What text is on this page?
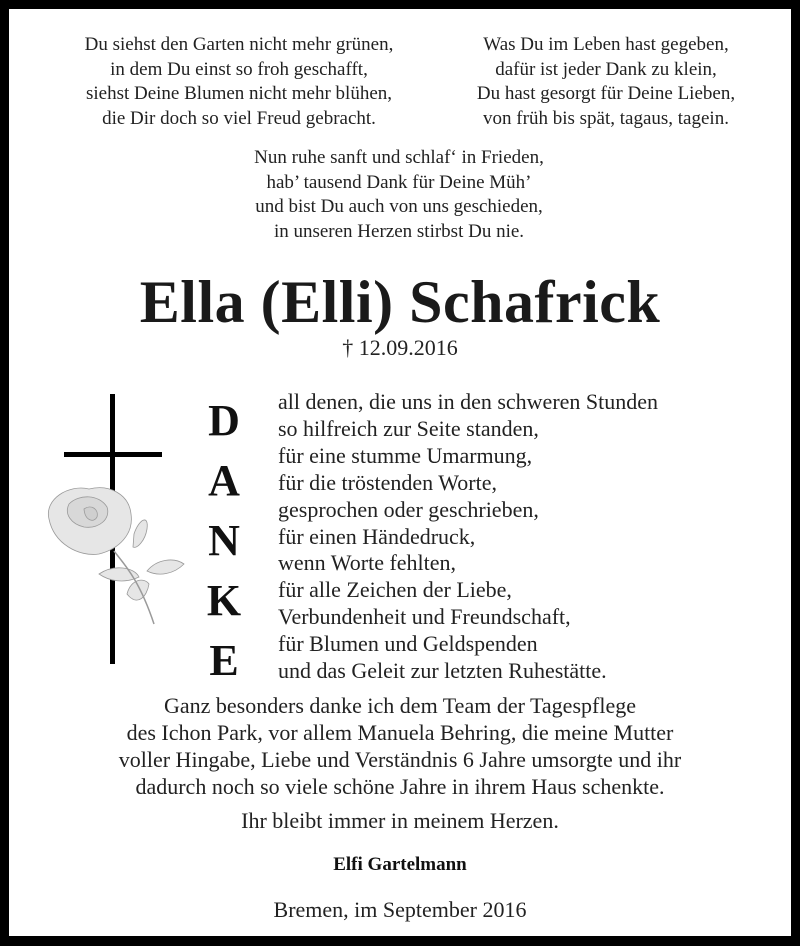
Du siehst den Garten nicht mehr grünen,
in dem Du einst so froh geschafft,
siehst Deine Blumen nicht mehr blühen,
die Dir doch so viel Freud gebracht.
Was Du im Leben hast gegeben,
dafür ist jeder Dank zu klein,
Du hast gesorgt für Deine Lieben,
von früh bis spät, tagaus, tagein.
Nun ruhe sanft und schlaf‘ in Frieden,
hab’ tausend Dank für Deine Müh’
und bist Du auch von uns geschieden,
in unseren Herzen stirbst Du nie.
Ella (Elli) Schafrick
† 12.09.2016
D
A
N
K
E
all denen, die uns in den schweren Stunden
so hilfreich zur Seite standen,
für eine stumme Umarmung,
für die tröstenden Worte,
gesprochen oder geschrieben,
für einen Händedruck,
wenn Worte fehlten,
für alle Zeichen der Liebe,
Verbundenheit und Freundschaft,
für Blumen und Geldspenden
und das Geleit zur letzten Ruhestätte.
Ganz besonders danke ich dem Team der Tagespflege
des Ichon Park, vor allem Manuela Behring, die meine Mutter
voller Hingabe, Liebe und Verständnis 6 Jahre umsorgte und ihr
dadurch noch so viele schöne Jahre in ihrem Haus schenkte.
Ihr bleibt immer in meinem Herzen.
Elfi Gartelmann
Bremen, im September 2016
